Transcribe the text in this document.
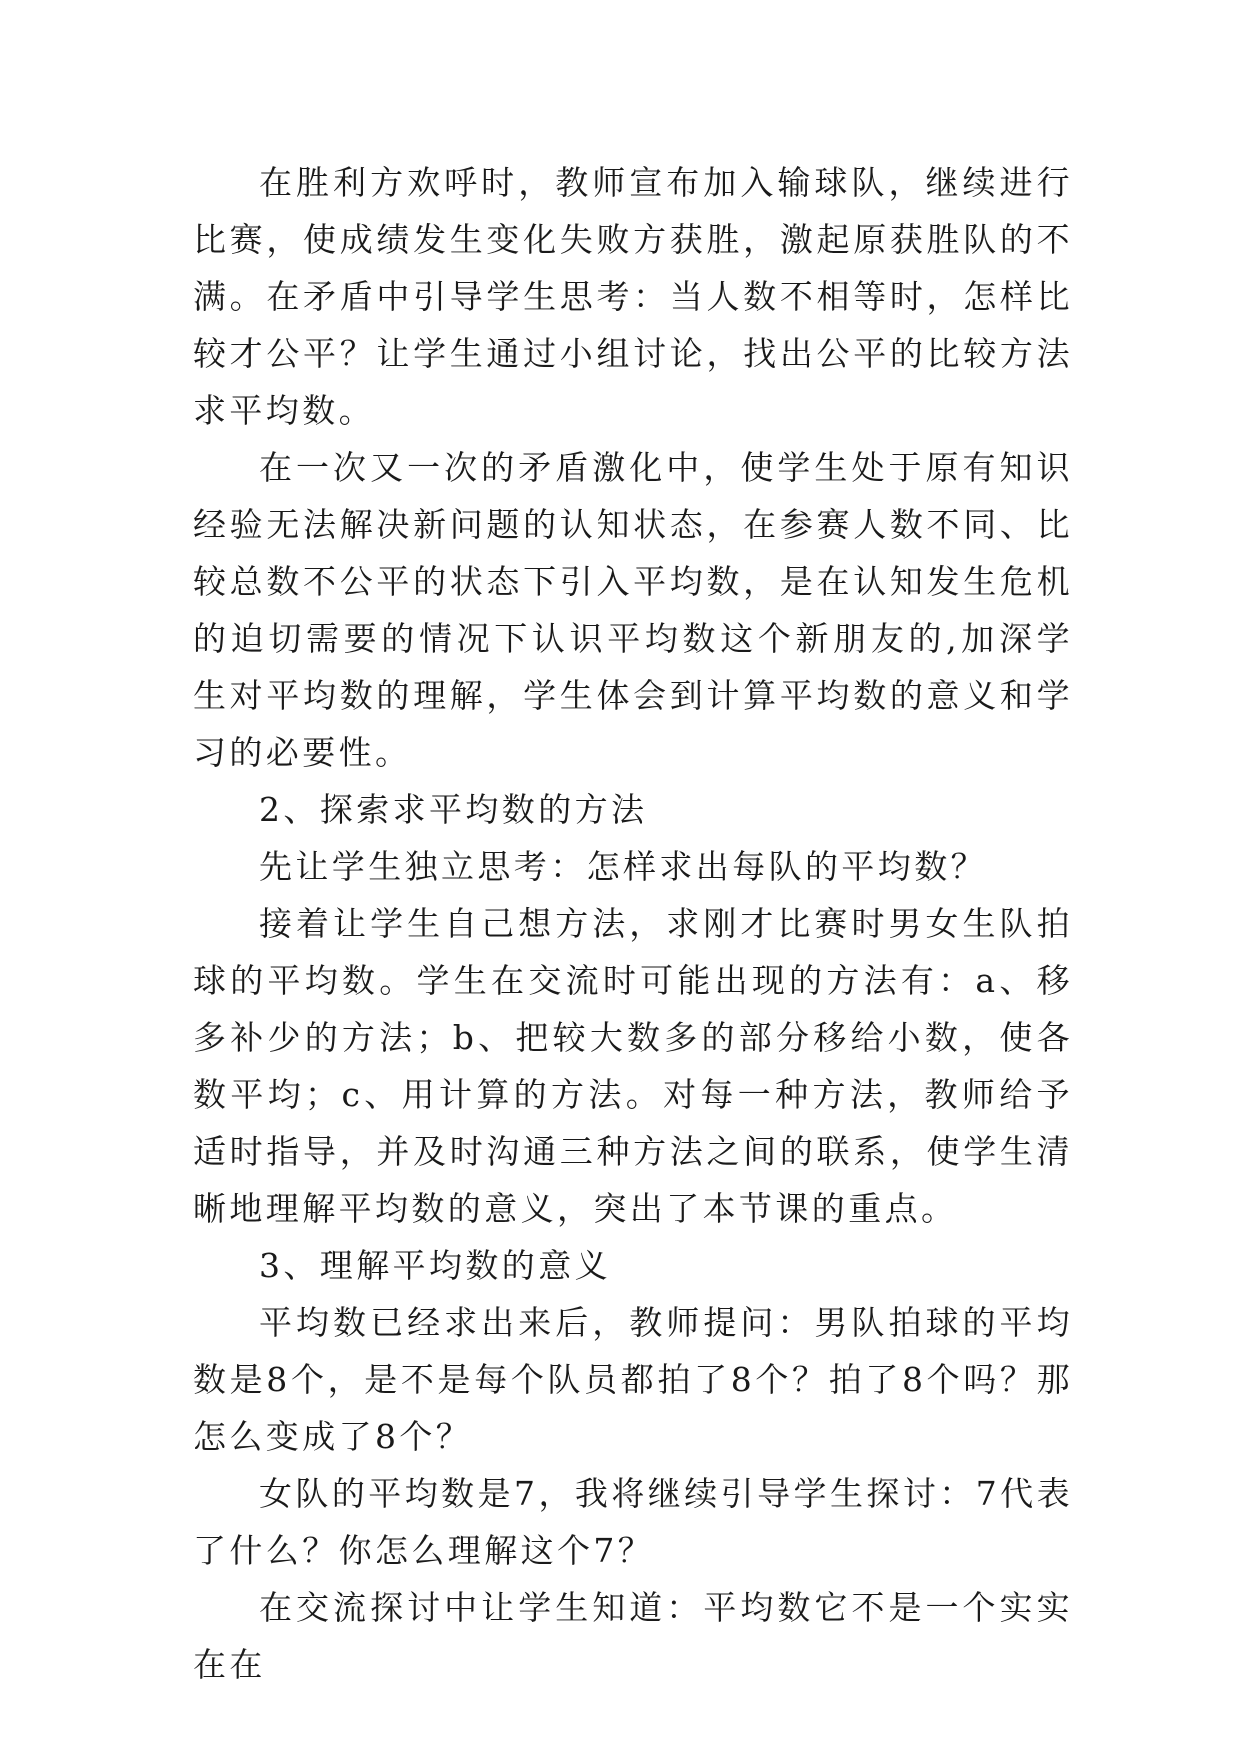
在胜利方欢呼时，教师宣布加入输球队，继续进行比赛，使成绩发生变化失败方获胜，激起原获胜队的不满。在矛盾中引导学生思考：当人数不相等时，怎样比较才公平？让学生通过小组讨论，找出公平的比较方法求平均数。

在一次又一次的矛盾激化中，使学生处于原有知识经验无法解决新问题的认知状态，在参赛人数不同、比较总数不公平的状态下引入平均数，是在认知发生危机的迫切需要的情况下认识平均数这个新朋友的,加深学生对平均数的理解，学生体会到计算平均数的意义和学习的必要性。

2、探索求平均数的方法

先让学生独立思考：怎样求出每队的平均数？

接着让学生自己想方法，求刚才比赛时男女生队拍球的平均数。学生在交流时可能出现的方法有：a、移多补少的方法；b、把较大数多的部分移给小数，使各数平均；c、用计算的方法。对每一种方法，教师给予适时指导，并及时沟通三种方法之间的联系，使学生清晰地理解平均数的意义，突出了本节课的重点。

3、理解平均数的意义

平均数已经求出来后，教师提问：男队拍球的平均数是8个，是不是每个队员都拍了8个？拍了8个吗？那怎么变成了8个？

女队的平均数是7，我将继续引导学生探讨：7代表了什么？你怎么理解这个7？

在交流探讨中让学生知道：平均数它不是一个实实在在
